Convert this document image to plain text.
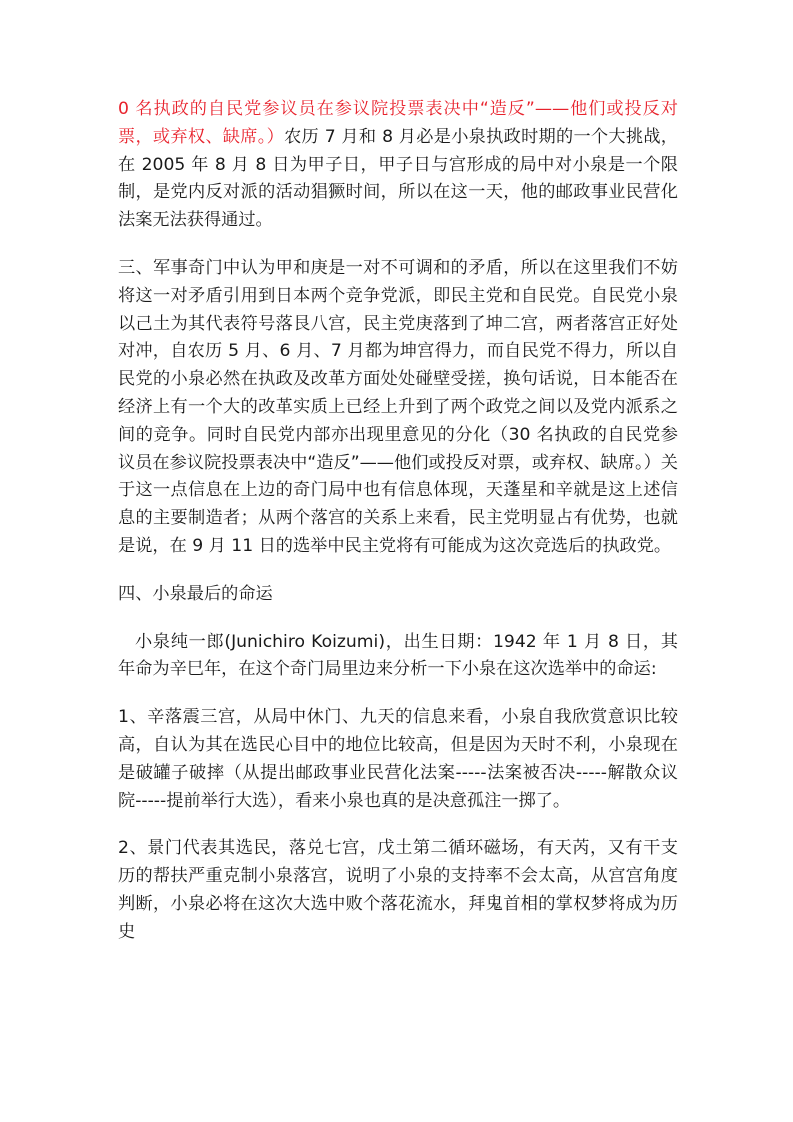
0 名执政的自民党参议员在参议院投票表决中“造反”——他们或投反对票，或弃权、缺席。）农历 7 月和 8 月必是小泉执政时期的一个大挑战，在 2005 年 8 月 8 日为甲子日，甲子日与宫形成的局中对小泉是一个限制，是党内反对派的活动猖獗时间，所以在这一天，他的邮政事业民营化法案无法获得通过。

三、军事奇门中认为甲和庚是一对不可调和的矛盾，所以在这里我们不妨将这一对矛盾引用到日本两个竞争党派，即民主党和自民党。自民党小泉以己土为其代表符号落艮八宫，民主党庚落到了坤二宫，两者落宫正好处对冲，自农历 5 月、6 月、7 月都为坤宫得力，而自民党不得力，所以自民党的小泉必然在执政及改革方面处处碰壁受搓，换句话说，日本能否在经济上有一个大的改革实质上已经上升到了两个政党之间以及党内派系之间的竞争。同时自民党内部亦出现里意见的分化（30 名执政的自民党参议员在参议院投票表决中“造反”——他们或投反对票，或弃权、缺席。）关于这一点信息在上边的奇门局中也有信息体现，天蓬星和辛就是这上述信息的主要制造者；从两个落宫的关系上来看，民主党明显占有优势，也就是说，在 9 月 11 日的选举中民主党将有可能成为这次竞选后的执政党。

四、小泉最后的命运

小泉纯一郎(Junichiro Koizumi)，出生日期：1942 年 1 月 8 日，其年命为辛巳年，在这个奇门局里边来分析一下小泉在这次选举中的命运:

1、辛落震三宫，从局中休门、九天的信息来看，小泉自我欣赏意识比较高，自认为其在选民心目中的地位比较高，但是因为天时不利，小泉现在是破罐子破摔（从提出邮政事业民营化法案-----法案被否决-----解散众议院-----提前举行大选），看来小泉也真的是决意孤注一掷了。

2、景门代表其选民，落兑七宫，戊土第二循环磁场，有天芮，又有干支历的帮扶严重克制小泉落宫，说明了小泉的支持率不会太高，从宫宫角度判断，小泉必将在这次大选中败个落花流水，拜鬼首相的掌权梦将成为历史
